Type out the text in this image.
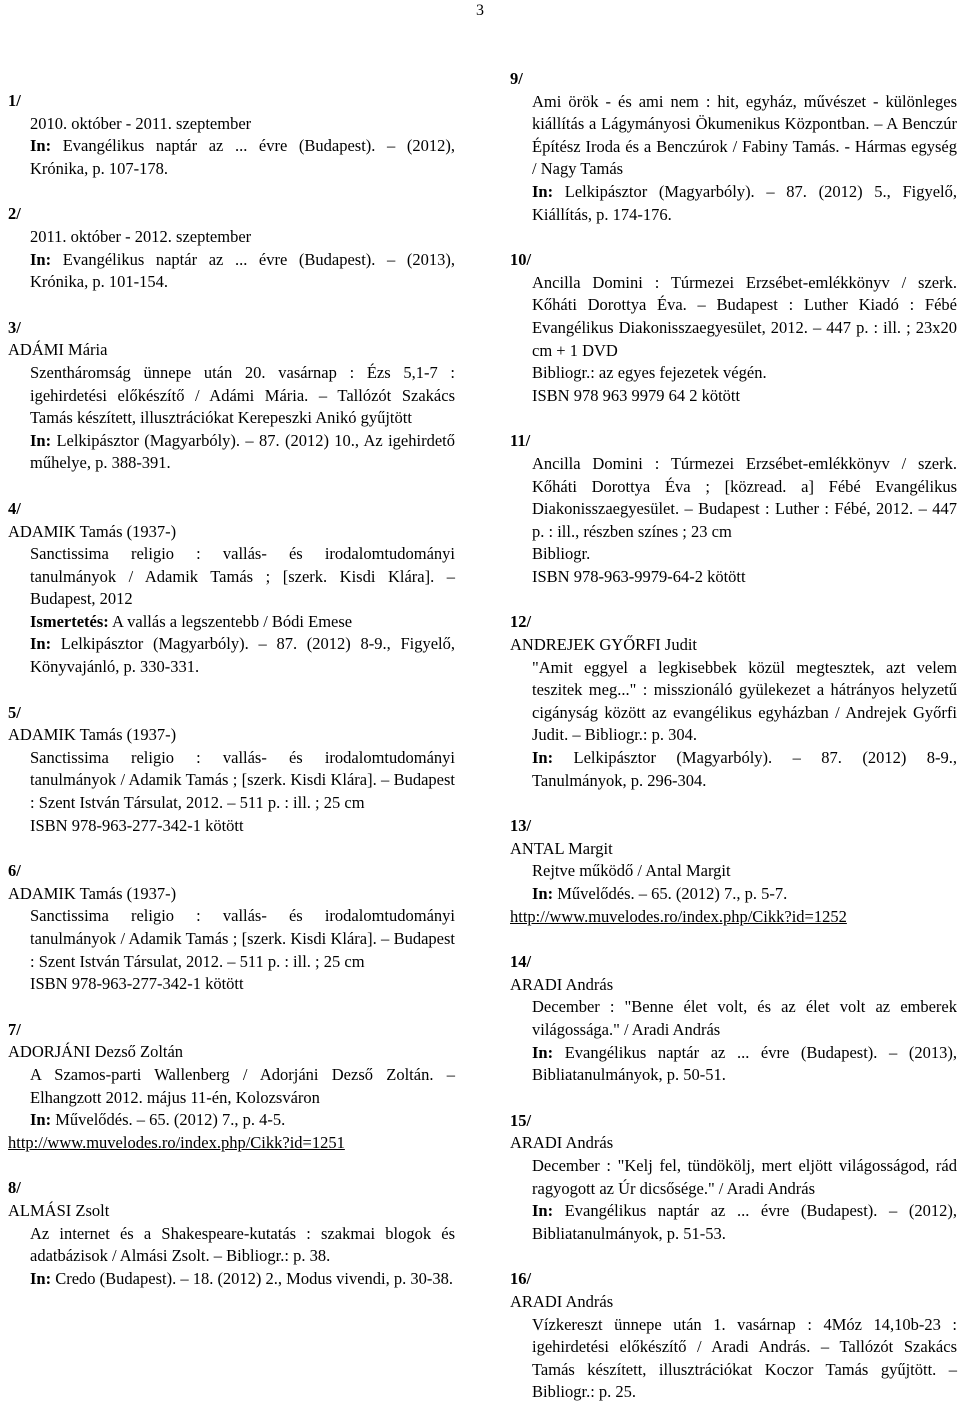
3
1/
2010. október - 2011. szeptember
In: Evangélikus naptár az ... évre (Budapest). – (2012), Krónika, p. 107-178.
2/
2011. október - 2012. szeptember
In: Evangélikus naptár az ... évre (Budapest). – (2013), Krónika, p. 101-154.
3/
ADÁMI Mária
Szentháromság ünnepe után 20. vasárnap : Ézs 5,1-7 : igehirdetési előkészítő / Adámi Mária. – Tallózót Szakács Tamás készített, illusztrációkat Kerepeszki Anikó gyűjtött
In: Lelkipásztor (Magyarbóly). – 87. (2012) 10., Az igehirdető műhelye, p. 388-391.
4/
ADAMIK Tamás (1937-)
Sanctissima religio : vallás- és irodalomtudományi tanulmányok / Adamik Tamás ; [szerk. Kisdi Klára]. – Budapest, 2012
Ismertetés: A vallás a legszentebb / Bódi Emese
In: Lelkipásztor (Magyarbóly). – 87. (2012) 8-9., Figyelő, Könyvajánló, p. 330-331.
5/
ADAMIK Tamás (1937-)
Sanctissima religio : vallás- és irodalomtudományi tanulmányok / Adamik Tamás ; [szerk. Kisdi Klára]. – Budapest : Szent István Társulat, 2012. – 511 p. : ill. ; 25 cm
ISBN 978-963-277-342-1 kötött
6/
ADAMIK Tamás (1937-)
Sanctissima religio : vallás- és irodalomtudományi tanulmányok / Adamik Tamás ; [szerk. Kisdi Klára]. – Budapest : Szent István Társulat, 2012. – 511 p. : ill. ; 25 cm
ISBN 978-963-277-342-1 kötött
7/
ADORJÁNI Dezső Zoltán
A Szamos-parti Wallenberg / Adorjáni Dezső Zoltán. – Elhangzott 2012. május 11-én, Kolozsváron
In: Művelődés. – 65. (2012) 7., p. 4-5.
http://www.muvelodes.ro/index.php/Cikk?id=1251
8/
ALMÁSI Zsolt
Az internet és a Shakespeare-kutatás : szakmai blogok és adatbázisok / Almási Zsolt. – Bibliogr.: p. 38.
In: Credo (Budapest). – 18. (2012) 2., Modus vivendi, p. 30-38.
9/
Ami örök - és ami nem : hit, egyház, művészet - különleges kiállítás a Lágymányosi Ökumenikus Központban. – A Benczúr Építész Iroda és a Benczúrok / Fabiny Tamás. - Hármas egység / Nagy Tamás
In: Lelkipásztor (Magyarbóly). – 87. (2012) 5., Figyelő, Kiállítás, p. 174-176.
10/
Ancilla Domini : Túrmezei Erzsébet-emlékkönyv / szerk. Kőháti Dorottya Éva. – Budapest : Luther Kiadó : Fébé Evangélikus Diakonisszaegyesület, 2012. – 447 p. : ill. ; 23x20 cm + 1 DVD
Bibliogr.: az egyes fejezetek végén.
ISBN 978 963 9979 64 2 kötött
11/
Ancilla Domini : Túrmezei Erzsébet-emlékkönyv / szerk. Kőháti Dorottya Éva ; [közread. a] Fébé Evangélikus Diakonisszaegyesület. – Budapest : Luther : Fébé, 2012. – 447 p. : ill., részben színes ; 23 cm
Bibliogr.
ISBN 978-963-9979-64-2 kötött
12/
ANDREJEK GYŐRFI Judit
"Amit eggyel a legkisebbek közül megtesztek, azt velem teszitek meg..." : misszionáló gyülekezet a hátrányos helyzetű cigányság között az evangélikus egyházban / Andrejek Győrfi Judit. – Bibliogr.: p. 304.
In: Lelkipásztor (Magyarbóly). – 87. (2012) 8-9., Tanulmányok, p. 296-304.
13/
ANTAL Margit
Rejtve működő / Antal Margit
In: Művelődés. – 65. (2012) 7., p. 5-7.
http://www.muvelodes.ro/index.php/Cikk?id=1252
14/
ARADI András
December : "Benne élet volt, és az élet volt az emberek világossága." / Aradi András
In: Evangélikus naptár az ... évre (Budapest). – (2013), Bibliatanulmányok, p. 50-51.
15/
ARADI András
December : "Kelj fel, tündökölj, mert eljött világosságod, rád ragyogott az Úr dicsősége." / Aradi András
In: Evangélikus naptár az ... évre (Budapest). – (2012), Bibliatanulmányok, p. 51-53.
16/
ARADI András
Vízkereszt ünnepe után 1. vasárnap : 4Móz 14,10b-23 : igehirdetési előkészítő / Aradi András. – Tallózót Szakács Tamás készített, illusztrációkat Koczor Tamás gyűjtött. – Bibliogr.: p. 25.
